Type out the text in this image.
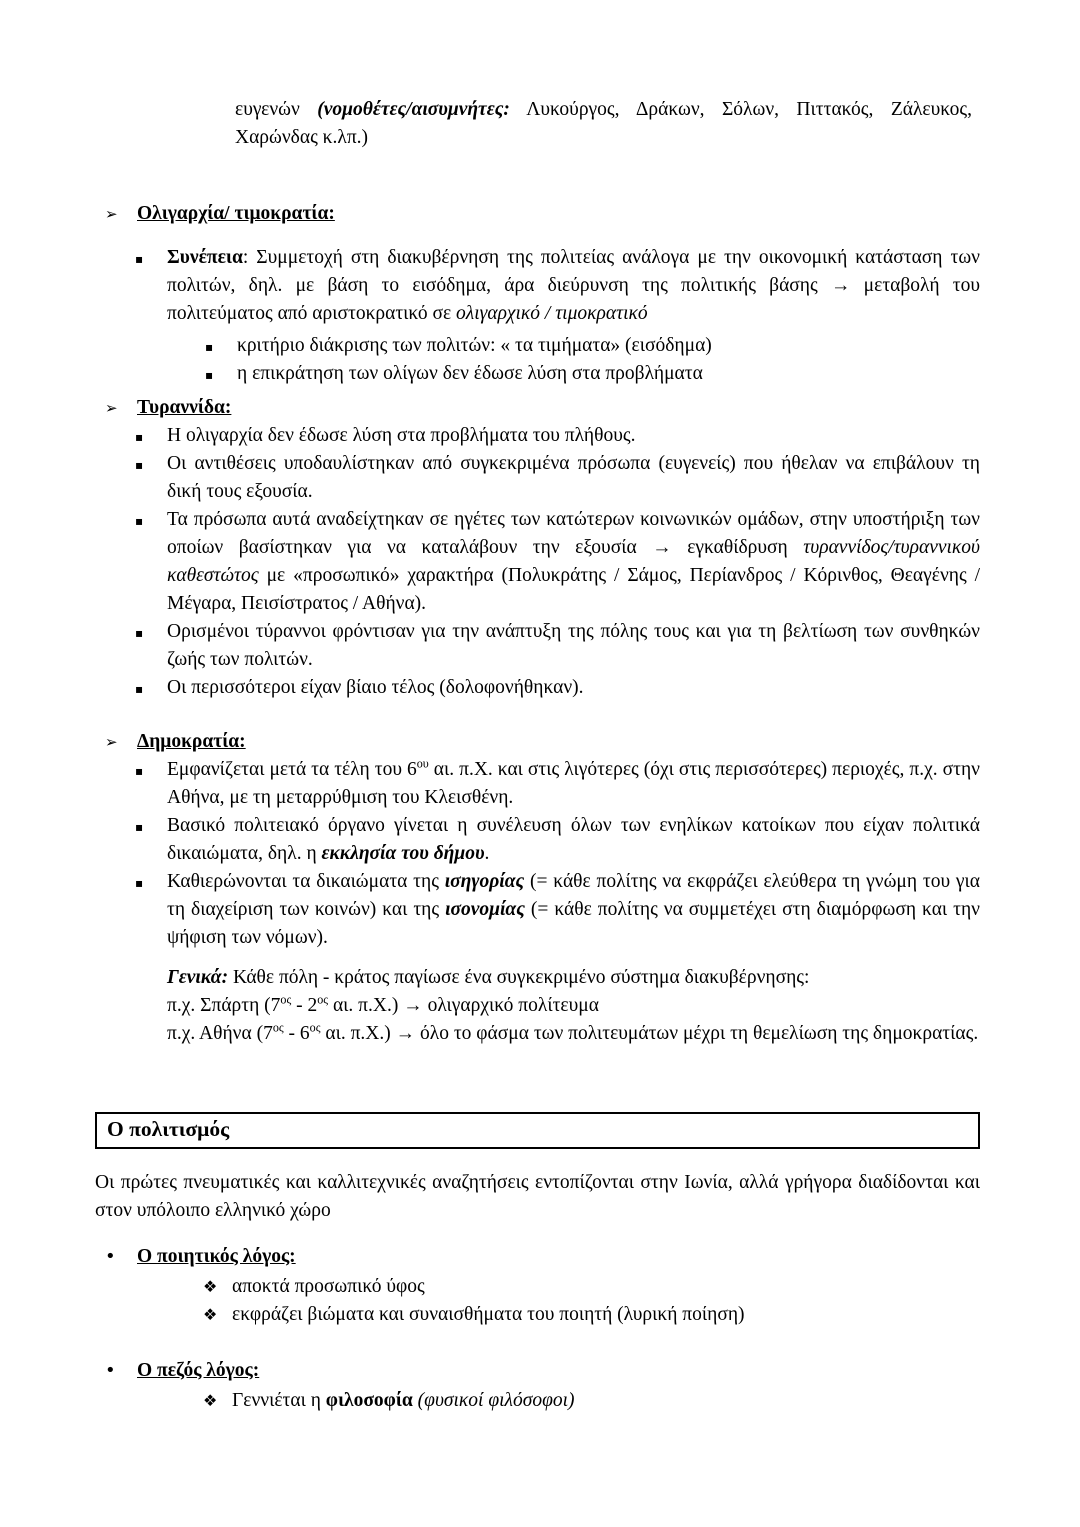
ευγενών (νομοθέτες/αισυμνήτες: Λυκούργος, Δράκων, Σόλων, Πιττακός, Ζάλευκος, Χαρώνδας κ.λπ.)

➢ Ολιγαρχία/ τιμοκρατία:
▪ Συνέπεια: Συμμετοχή στη διακυβέρνηση της πολιτείας ανάλογα με την οικονομική κατάσταση των πολιτών, δηλ. με βάση το εισόδημα, άρα διεύρυνση της πολιτικής βάσης → μεταβολή του πολιτεύματος από αριστοκρατικό σε ολιγαρχικό / τιμοκρατικό
▪ κριτήριο διάκρισης των πολιτών: « τα τιμήματα» (εισόδημα)
▪ η επικράτηση των ολίγων δεν έδωσε λύση στα προβλήματα
➢ Τυραννίδα:
▪ Η ολιγαρχία δεν έδωσε λύση στα προβλήματα του πλήθους.
▪ Οι αντιθέσεις υποδαυλίστηκαν από συγκεκριμένα πρόσωπα (ευγενείς) που ήθελαν να επιβάλουν τη δική τους εξουσία.
▪ Τα πρόσωπα αυτά αναδείχτηκαν σε ηγέτες των κατώτερων κοινωνικών ομάδων, στην υποστήριξη των οποίων βασίστηκαν για να καταλάβουν την εξουσία → εγκαθίδρυση τυραννίδος/τυραννικού καθεστώτος με «προσωπικό» χαρακτήρα (Πολυκράτης / Σάμος, Περίανδρος / Κόρινθος, Θεαγένης / Μέγαρα, Πεισίστρατος / Αθήνα).
▪ Ορισμένοι τύραννοι φρόντισαν για την ανάπτυξη της πόλης τους και για τη βελτίωση των συνθηκών ζωής των πολιτών.
▪ Οι περισσότεροι είχαν βίαιο τέλος (δολοφονήθηκαν).
➢ Δημοκρατία:
▪ Εμφανίζεται μετά τα τέλη του $6^{o\upsilon}$ αι. π.Χ. και στις λιγότερες (όχι στις περισσότερες) περιοχές, π.χ. στην Αθήνα, με τη μεταρρύθμιση του Κλεισθένη.
▪ Βασικό πολιτειακό όργανο γίνεται η συνέλευση όλων των ενηλίκων κατοίκων που είχαν πολιτικά δικαιώματα, δηλ. η εκκλησία του δήμου.
▪ Καθιερώνονται τα δικαιώματα της ισηγορίας (= κάθε πολίτης να εκφράζει ελεύθερα τη γνώμη του για τη διαχείριση των κοινών) και της ισονομίας (= κάθε πολίτης να συμμετέχει στη διαμόρφωση και την ψήφιση των νόμων).

Γενικά: Κάθε πόλη - κράτος παγίωσε ένα συγκεκριμένο σύστημα διακυβέρνησης:

π.χ. Σπάρτη ($7^{o\varsigma} - 2^{o\varsigma}$ αι. π.Χ.) → ολιγαρχικό πολίτευμα

π.χ. Αθήνα ($7^{o\varsigma} - 6^{o\varsigma}$ αι. π.Χ.) → όλο το φάσμα των πολιτευμάτων μέχρι τη θεμελίωση της δημοκρατίας.

Ο πολιτισμός

Οι πρώτες πνευματικές και καλλιτεχνικές αναζητήσεις εντοπίζονται στην Ιωνία, αλλά γρήγορα διαδίδονται και στον υπόλοιπο ελληνικό χώρο

• Ο ποιητικός λόγος:
❖ αποκτά προσωπικό ύφος
❖ εκφράζει βιώματα και συναισθήματα του ποιητή (λυρική ποίηση)
• Ο πεζός λόγος:
❖ Γεννιέται η φιλοσοφία (φυσικοί φιλόσοφοι)
